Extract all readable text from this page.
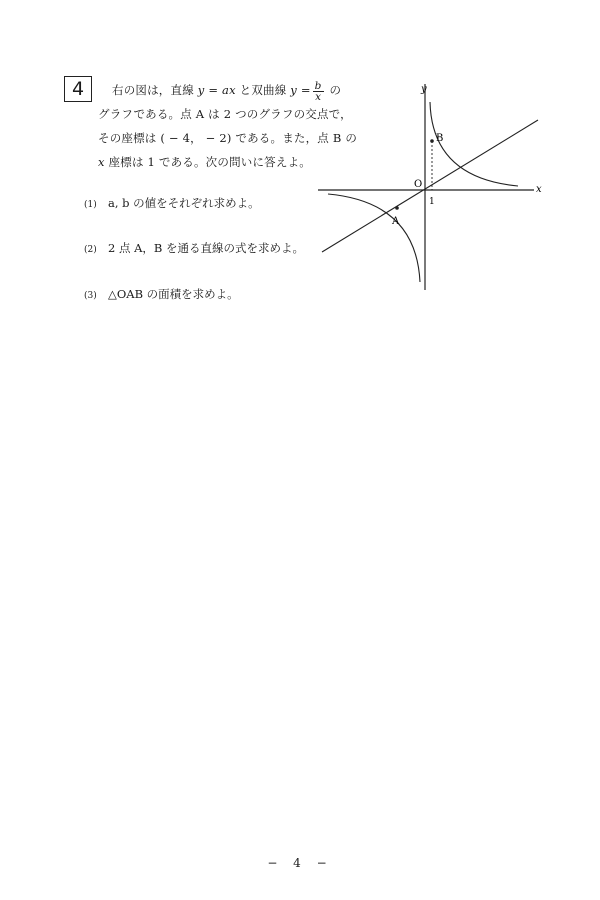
4	右の図は，直線 y = ax と双曲線 $y = \frac{b}{x}$ の
グラフである。点 A は 2 つのグラフの交点で，
その座標は ( − 4， − 2) である。また，点 B の
x 座標は 1 である。次の問いに答えよ。
(1) a, b の値をそれぞれ求めよ。
(2) 2 点 A，B を通る直線の式を求めよ。
(3) △OAB の面積を求めよ。
y
x
O
1
B
A
− 4 −
